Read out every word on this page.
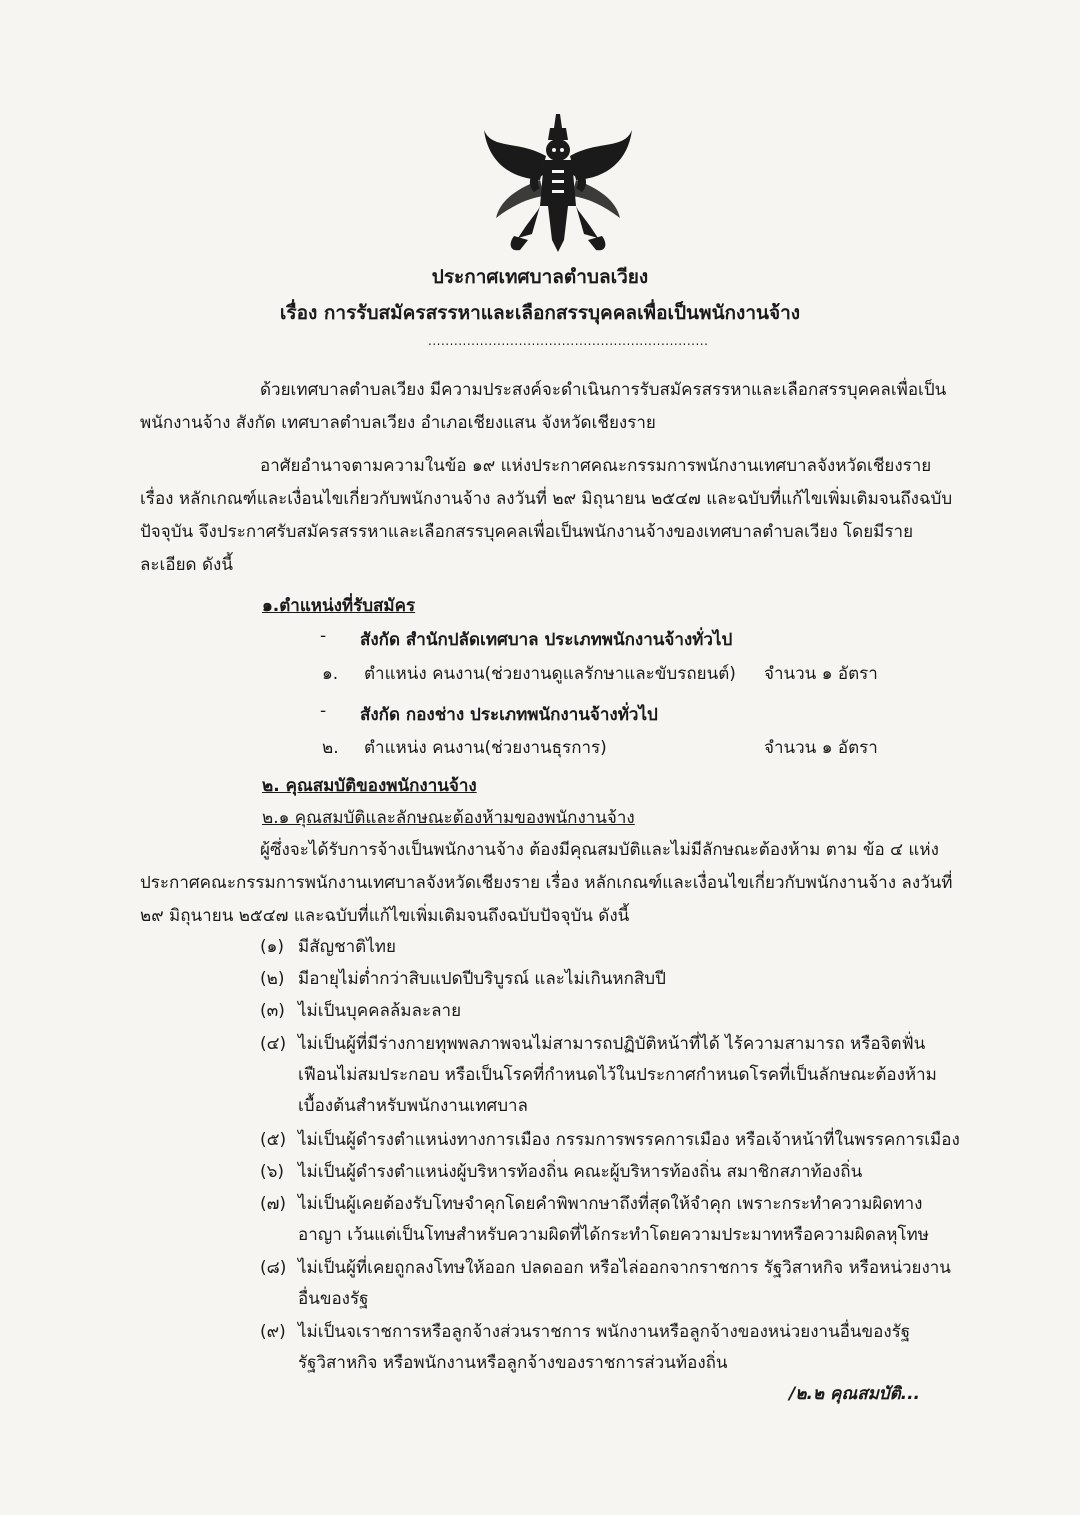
ประกาศเทศบาลตำบลเวียง
เรื่อง การรับสมัครสรรหาและเลือกสรรบุคคลเพื่อเป็นพนักงานจ้าง
.................................................................

ด้วยเทศบาลตำบลเวียง มีความประสงค์จะดำเนินการรับสมัครสรรหาและเลือกสรรบุคคลเพื่อเป็นพนักงานจ้าง สังกัด เทศบาลตำบลเวียง อำเภอเชียงแสน จังหวัดเชียงราย

อาศัยอำนาจตามความในข้อ ๑๙ แห่งประกาศคณะกรรมการพนักงานเทศบาลจังหวัดเชียงราย เรื่อง หลักเกณฑ์และเงื่อนไขเกี่ยวกับพนักงานจ้าง ลงวันที่ ๒๙ มิถุนายน ๒๕๔๗ และฉบับที่แก้ไขเพิ่มเติมจนถึงฉบับปัจจุบัน จึงประกาศรับสมัครสรรหาและเลือกสรรบุคคลเพื่อเป็นพนักงานจ้างของเทศบาลตำบลเวียง โดยมีรายละเอียด ดังนี้

๑.ตำแหน่งที่รับสมัคร
- สังกัด สำนักปลัดเทศบาล ประเภทพนักงานจ้างทั่วไป
๑. ตำแหน่ง คนงาน(ช่วยงานดูแลรักษาและขับรถยนต์) จำนวน ๑ อัตรา
- สังกัด กองช่าง ประเภทพนักงานจ้างทั่วไป
๒. ตำแหน่ง คนงาน(ช่วยงานธุรการ)	จำนวน ๑ อัตรา
๒. คุณสมบัติของพนักงานจ้าง
๒.๑ คุณสมบัติและลักษณะต้องห้ามของพนักงานจ้าง

ผู้ซึ่งจะได้รับการจ้างเป็นพนักงานจ้าง ต้องมีคุณสมบัติและไม่มีลักษณะต้องห้าม ตาม ข้อ ๔ แห่งประกาศคณะกรรมการพนักงานเทศบาลจังหวัดเชียงราย เรื่อง หลักเกณฑ์และเงื่อนไขเกี่ยวกับพนักงานจ้าง ลงวันที่ ๒๙ มิถุนายน ๒๕๔๗ และฉบับที่แก้ไขเพิ่มเติมจนถึงฉบับปัจจุบัน ดังนี้

(๑) มีสัญชาติไทย
(๒) มีอายุไม่ต่ำกว่าสิบแปดปีบริบูรณ์ และไม่เกินหกสิบปี
(๓) ไม่เป็นบุคคลล้มละลาย
(๔) ไม่เป็นผู้ที่มีร่างกายทุพพลภาพจนไม่สามารถปฏิบัติหน้าที่ได้ ไร้ความสามารถ หรือจิตฟั่นเฟือนไม่สมประกอบ หรือเป็นโรคที่กำหนดไว้ในประกาศกำหนดโรคที่เป็นลักษณะต้องห้ามเบื้องต้นสำหรับพนักงานเทศบาล
(๕) ไม่เป็นผู้ดำรงตำแหน่งทางการเมือง กรรมการพรรคการเมือง หรือเจ้าหน้าที่ในพรรคการเมือง
(๖) ไม่เป็นผู้ดำรงตำแหน่งผู้บริหารท้องถิ่น คณะผู้บริหารท้องถิ่น สมาชิกสภาท้องถิ่น
(๗) ไม่เป็นผู้เคยต้องรับโทษจำคุกโดยคำพิพากษาถึงที่สุดให้จำคุก เพราะกระทำความผิดทางอาญา เว้นแต่เป็นโทษสำหรับความผิดที่ได้กระทำโดยความประมาทหรือความผิดลหุโทษ
(๘) ไม่เป็นผู้ที่เคยถูกลงโทษให้ออก ปลดออก หรือไล่ออกจากราชการ รัฐวิสาหกิจ หรือหน่วยงานอื่นของรัฐ
(๙) ไม่เป็นจเราชการหรือลูกจ้างส่วนราชการ พนักงานหรือลูกจ้างของหน่วยงานอื่นของรัฐ รัฐวิสาหกิจ หรือพนักงานหรือลูกจ้างของราชการส่วนท้องถิ่น
/๒.๒ คุณสมบัติ...
